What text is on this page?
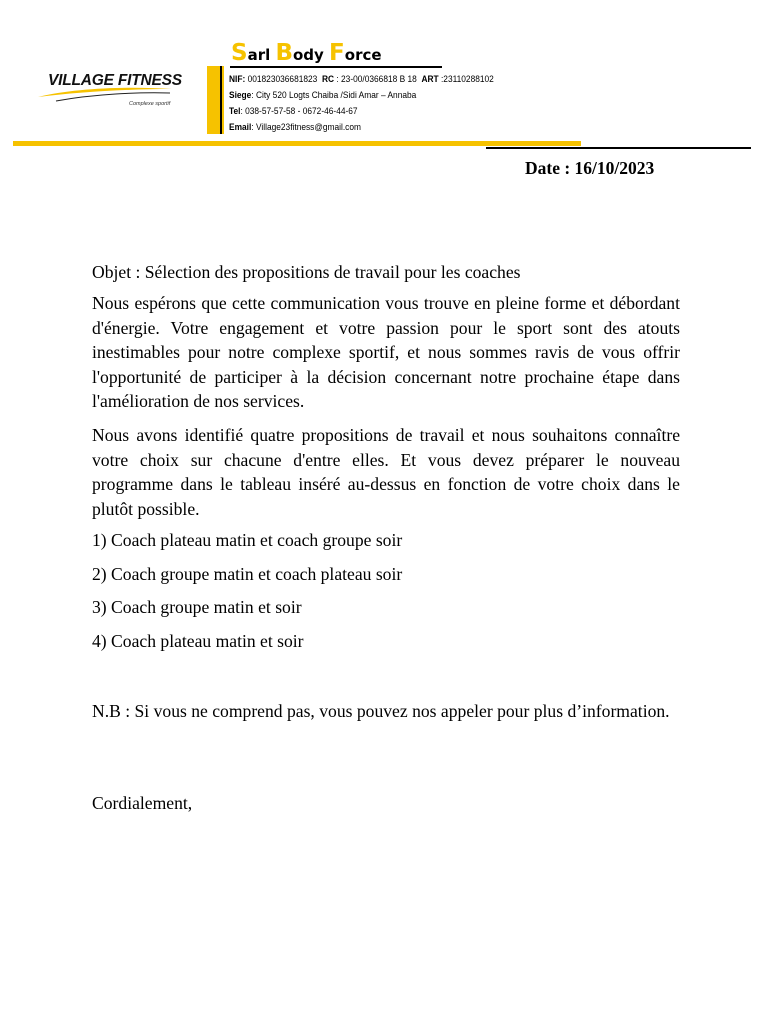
VILLAGE FITNESS
Complexe sportif
Sarl Body Force
NIF: 001823036681823 RC : 23-00/0366818 B 18 ART :23110288102
Siege: City 520 Logts Chaiba /Sidi Amar – Annaba
Tel: 038-57-57-58 - 0672-46-44-67
Email: Village23fitness@gmail.com
Date : 16/10/2023
Objet : Sélection des propositions de travail pour les coaches
Nous espérons que cette communication vous trouve en pleine forme et débordant d'énergie. Votre engagement et votre passion pour le sport sont des atouts inestimables pour notre complexe sportif, et nous sommes ravis de vous offrir l'opportunité de participer à la décision concernant notre prochaine étape dans l'amélioration de nos services.
Nous avons identifié quatre propositions de travail et nous souhaitons connaître votre choix sur chacune d'entre elles. Et vous devez préparer le nouveau programme dans le tableau inséré au-dessus en fonction de votre choix dans le plutôt possible.
1) Coach plateau matin et coach groupe soir
2) Coach groupe matin et coach plateau soir
3) Coach groupe matin et soir
4) Coach plateau matin et soir
N.B : Si vous ne comprend pas, vous pouvez nos appeler pour plus d’information.
Cordialement,
